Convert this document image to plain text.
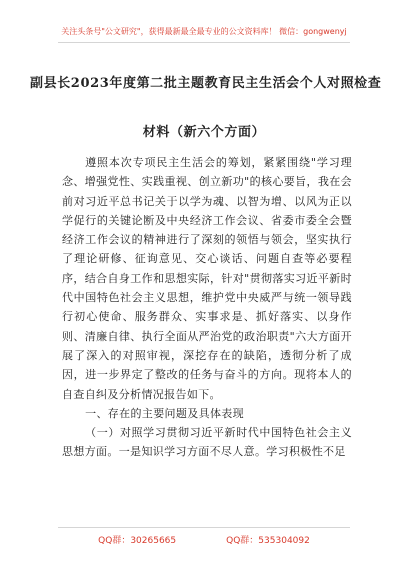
关注头条号"公文研究"，获得最新最全最专业的公文资料库！ 微信：gongwenyj
副县长2023年度第二批主题教育民主生活会个人对照检查
材料（新六个方面）

遵照本次专项民主生活会的筹划，紧紧围绕"学习理念、增强党性、实践重视、创立新功"的核心要旨，我在会前对习近平总书记关于以学为魂、以智为增、以风为正以学促行的关键论断及中央经济工作会议、省委市委全会暨经济工作会议的精神进行了深刻的领悟与领会，坚实执行了理论研修、征询意见、交心谈话、问题自查等必要程序，结合自身工作和思想实际，针对"贯彻落实习近平新时代中国特色社会主义思想，维护党中央威严与统一领导践行初心使命、服务群众、实事求是、抓好落实、以身作则、清廉自律、执行全面从严治党的政治职责"六大方面开展了深入的对照审视，深挖存在的缺陷，透彻分析了成因，进一步界定了整改的任务与奋斗的方向。现将本人的自查自纠及分析情况报告如下。

一、存在的主要问题及具体表现

（一）对照学习贯彻习近平新时代中国特色社会主义思想方面。一是知识学习方面不尽人意。学习积极性不足

QQ群：30265665	QQ群：535304092
